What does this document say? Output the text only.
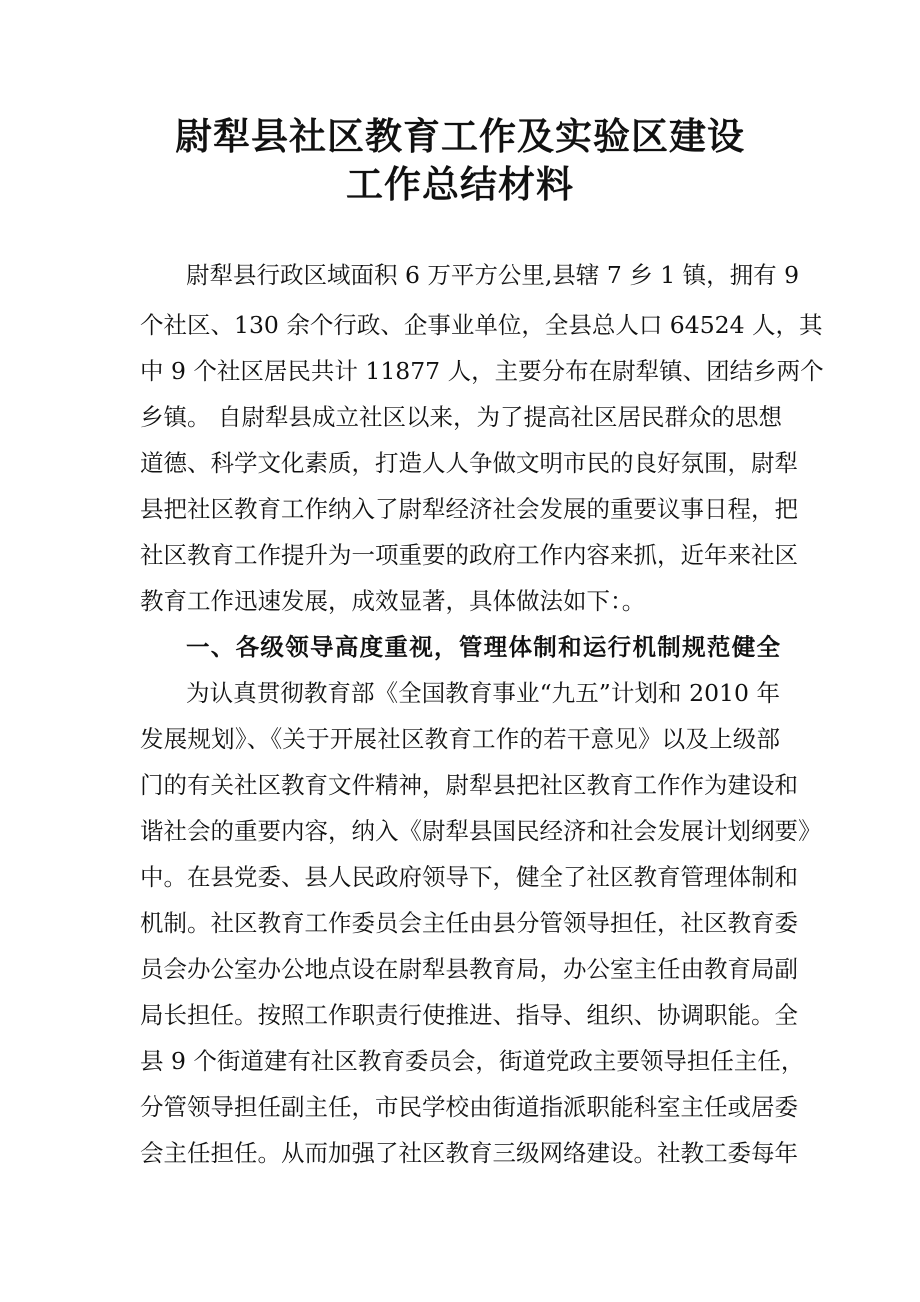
尉犁县社区教育工作及实验区建设
工作总结材料
尉犁县行政区域面积 6 万平方公里,县辖 7 乡 1 镇，拥有 9
个社区、130 余个行政、企事业单位，全县总人口 64524 人，其
中 9 个社区居民共计 11877 人，主要分布在尉犁镇、团结乡两个
乡镇。 自尉犁县成立社区以来，为了提高社区居民群众的思想
道德、科学文化素质，打造人人争做文明市民的良好氛围，尉犁
县把社区教育工作纳入了尉犁经济社会发展的重要议事日程，把
社区教育工作提升为一项重要的政府工作内容来抓，近年来社区
教育工作迅速发展，成效显著，具体做法如下：。
一、各级领导高度重视，管理体制和运行机制规范健全
为认真贯彻教育部《全国教育事业“九五”计划和 2010 年
发展规划》、《关于开展社区教育工作的若干意见》以及上级部
门的有关社区教育文件精神，尉犁县把社区教育工作作为建设和
谐社会的重要内容，纳入《尉犁县国民经济和社会发展计划纲要》
中。在县党委、县人民政府领导下，健全了社区教育管理体制和
机制。社区教育工作委员会主任由县分管领导担任，社区教育委
员会办公室办公地点设在尉犁县教育局，办公室主任由教育局副
局长担任。按照工作职责行使推进、指导、组织、协调职能。全
县 9 个街道建有社区教育委员会，街道党政主要领导担任主任，
分管领导担任副主任，市民学校由街道指派职能科室主任或居委
会主任担任。从而加强了社区教育三级网络建设。社教工委每年
